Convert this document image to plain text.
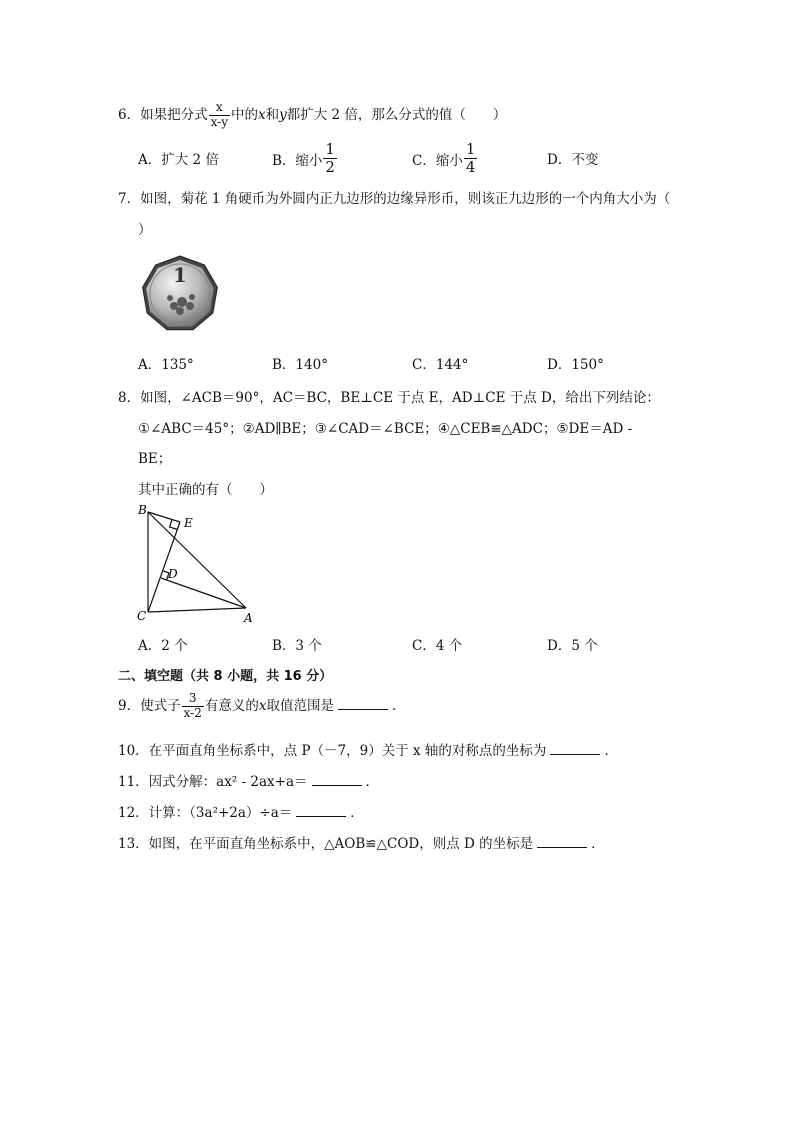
6．如果把分式 $\frac{x}{x-y}$ 中的x和y都扩大 2 倍，那么分式的值（　　）
A．扩大 2 倍	B．缩小 $\frac{1}{2}$	C．缩小 $\frac{1}{4}$	D．不变
7．如图，菊花 1 角硬币为外圆内正九边形的边缘异形币，则该正九边形的一个内角大小为（
）
1
A．135°	B．140°	C．144°	D．150°
8．如图，∠ACB＝90°，AC＝BC，BE⊥CE 于点 E，AD⊥CE 于点 D，给出下列结论：
①∠ABC＝45°；②AD∥BE；③∠CAD＝∠BCE；④△CEB≌△ADC；⑤DE＝AD -
BE；
其中正确的有（　　）
B
E
D
C	A
A．2 个	B．3 个	C．4 个	D．5 个
二、填空题（共 8 小题，共 16 分）
9．使式子 $\frac{3}{x-2}$ 有意义的x取值范围是	．
10．在平面直角坐标系中，点 P（－7，9）关于 x 轴的对称点的坐标为	．
11．因式分解：ax² - 2ax+a＝	．
12．计算：（3a²+2a）÷a＝	．
13．如图，在平面直角坐标系中，△AOB≌△COD，则点 D 的坐标是	．
